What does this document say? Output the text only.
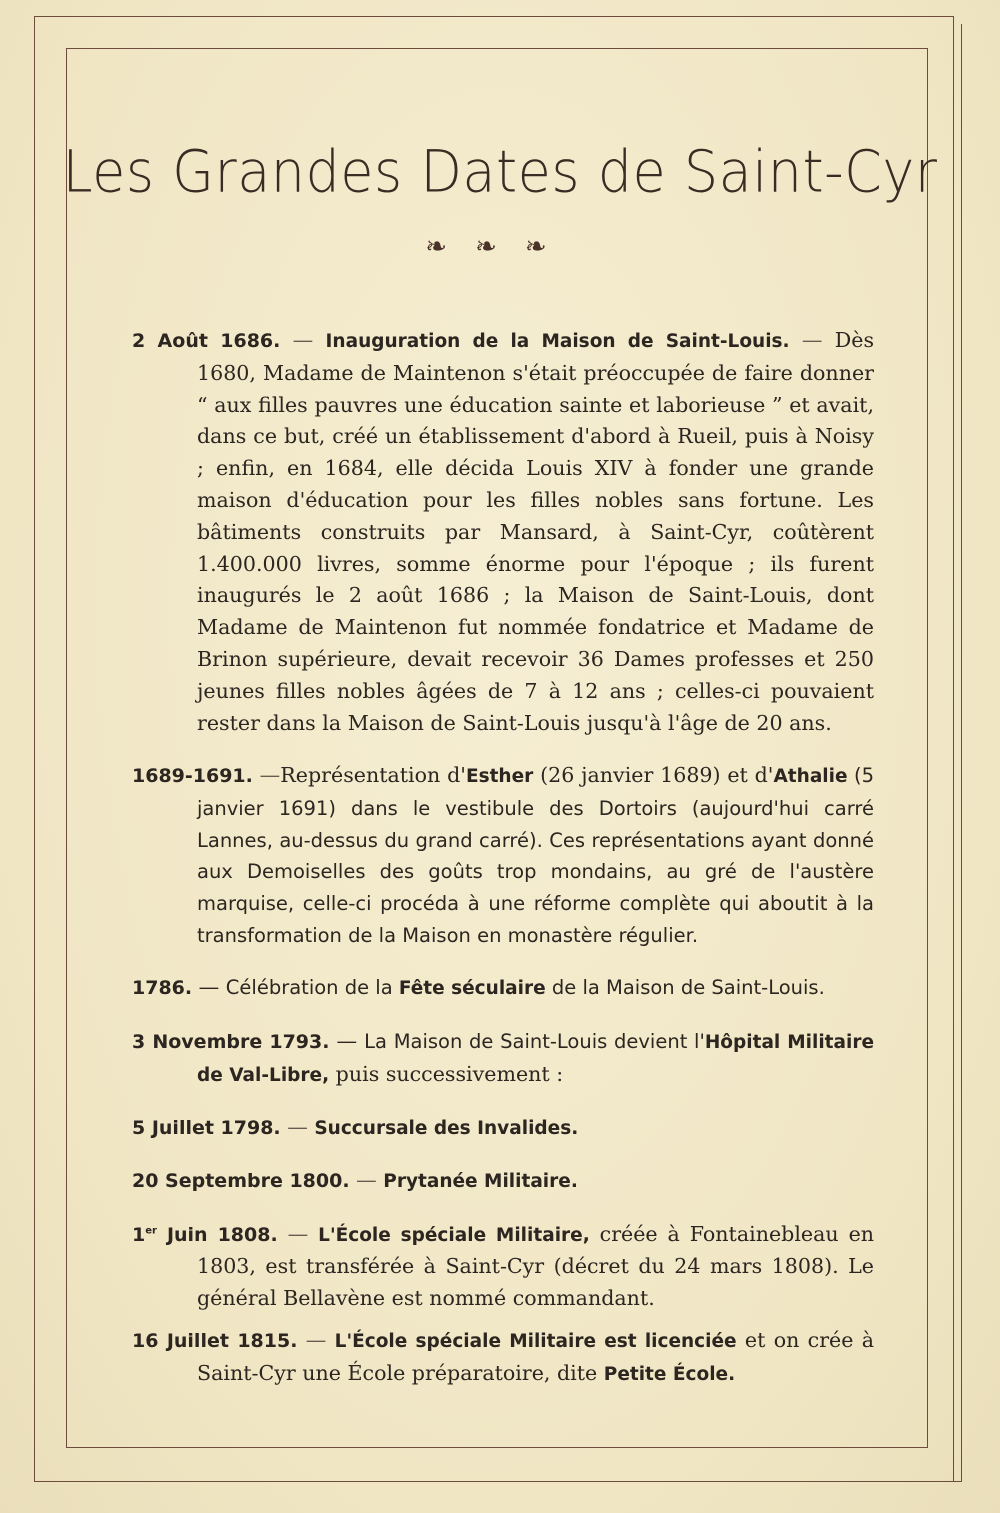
Les Grandes Dates de Saint-Cyr
❧❧❧

2 Août 1686. — Inauguration de la Maison de Saint-Louis. — Dès 1680, Madame de Maintenon s'était préoccupée de faire donner “ aux filles pauvres une éducation sainte et laborieuse ” et avait, dans ce but, créé un établissement d'abord à Rueil, puis à Noisy ; enfin, en 1684, elle décida Louis XIV à fonder une grande maison d'éducation pour les filles nobles sans fortune. Les bâtiments construits par Mansard, à Saint-Cyr, coûtèrent 1.400.000 livres, somme énorme pour l'époque ; ils furent inaugurés le 2 août 1686 ; la Maison de Saint-Louis, dont Madame de Maintenon fut nommée fondatrice et Madame de Brinon supérieure, devait recevoir 36 Dames professes et 250 jeunes filles nobles âgées de 7 à 12 ans ; celles-ci pouvaient rester dans la Maison de Saint-Louis jusqu'à l'âge de 20 ans.

1689-1691. —Représentation d'Esther (26 janvier 1689) et d'Athalie (5 janvier 1691) dans le vestibule des Dortoirs (aujourd'hui carré Lannes, au-dessus du grand carré). Ces représentations ayant donné aux Demoiselles des goûts trop mondains, au gré de l'austère marquise, celle-ci procéda à une réforme complète qui aboutit à la transformation de la Maison en monastère régulier.

1786. — Célébration de la Fête séculaire de la Maison de Saint-Louis.

3 Novembre 1793. — La Maison de Saint-Louis devient l'Hôpital Militaire de Val-Libre, puis successivement :

5 Juillet 1798. — Succursale des Invalides.

20 Septembre 1800. — Prytanée Militaire.

1er Juin 1808. — L'École spéciale Militaire, créée à Fontainebleau en 1803, est transférée à Saint-Cyr (décret du 24 mars 1808). Le général Bellavène est nommé commandant.

16 Juillet 1815. — L'École spéciale Militaire est licenciée et on crée à Saint-Cyr une École préparatoire, dite Petite École.
